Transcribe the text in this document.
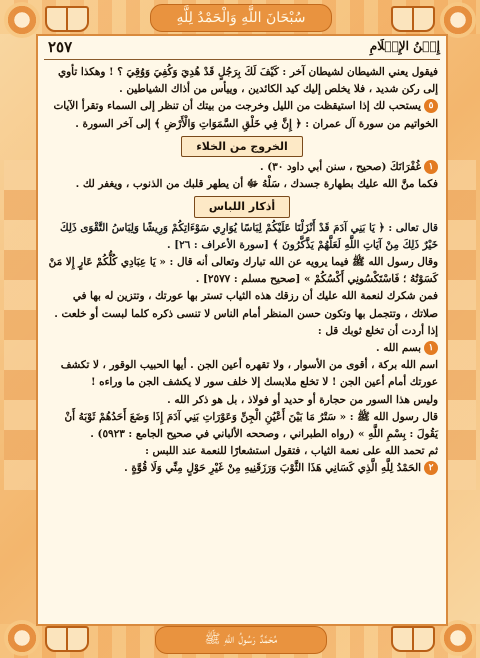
سُبْحَانَ اللَّهِ وَالْحَمْدُ لِلَّهِ
مُحَمَّدٌ رَسُولُ اللَّهِ ﷺ
إِيۡنُ الإِسۡلَامِ
٢٥٧

فيقول يعني الشيطان لشيطان آخر : كَيْفَ لَكَ بِرَجُلٍ قَدْ هُدِيَ وَكُفِيَ وَوُقِيَ ؟ ! وهكذا تأوي إلى ركن شديد ، فلا يخلص إليك كيد الكائدين ، وييأس من أذاك الشياطين .

٥يستحب لك إذا استيقظت من الليل وخرجت من بيتك أن تنظر إلى السماء وتقرأ الآيات الخواتيم من سورة آل عمران : ﴿ إِنَّ فِي خَلْقِ السَّمَوَاتِ وَالْأَرْضِ ﴾ إلى آخر السورة .

الخروج من الخلاء

١غُفْرَانَكَ (صحيح ، سنن أبي داود ٣٠) .

فكما منَّ الله عليك بطهارة جسدك ، سَلْهُ ﷻ أن يطهر قلبك من الذنوب ، ويغفر لك .

أذكار اللباس

قال تعالى : ﴿ يَا بَنِي آدَمَ قَدْ أَنْزَلْنَا عَلَيْكُمْ لِبَاسًا يُوَارِي سَوْءَاتِكُمْ وَرِيشًا وَلِبَاسُ التَّقْوَى ذَلِكَ خَيْرٌ ذَلِكَ مِنْ آيَاتِ اللَّهِ لَعَلَّهُمْ يَذَّكَّرُونَ ﴾ [سورة الأعراف : ٢٦] .

وقال رسول الله ﷺ فيما يرويه عن الله تبارك وتعالى أنه قال : « يَا عِبَادِي كُلُّكُمْ عَارٍ إِلا مَنْ كَسَوْتُهُ ؛ فَاسْتَكْسُونِي أَكْسُكُمْ » [صحيح مسلم : ٢٥٧٧] .

فمن شكرك لنعمة الله عليك أن رزقك هذه الثياب تستر بها عورتك ، وتتزين له بها في صلاتك ، وتتجمل بها وتكون حسن المنظر أمام الناس لا تنسى ذكره كلما لبست أو خلعت .

إذا أردت أن تخلع ثوبك قل :

١بسم الله .

اسم الله بركة ، أقوى من الأسوار ، ولا تقهره أعين الجن . أيها الحبيب الوقور ، لا تكشف عورتك أمام أعين الجن ! لا تخلع ملابسك إلا خلف سور لا يكشف الجن ما وراءه !

وليس هذا السور من حجارة أو حديد أو فولاذ ، بل هو ذكر الله .

قال رسول الله ﷺ : « سَتْرُ مَا بَيْنَ أَعْيُنِ الْجِنِّ وَعَوْرَاتِ بَنِي آدَمَ إِذَا وَضَعَ أَحَدُهُمْ ثَوْبَهُ أَنْ يَقُولَ : بِسْمِ اللَّهِ » (رواه الطبراني ، وصححه الألباني في صحيح الجامع : ٥٩٢٣) .

ثم تحمد الله على نعمة الثياب ، فتقول استشعارًا للنعمة عند اللبس :

٢الحَمْدُ لِلَّهِ الَّذِي كَسَانِي هَذَا الثَّوْبَ وَرَزَقَنِيهِ مِنْ غَيْرِ حَوْلٍ مِنِّي وَلَا قُوَّةٍ .
